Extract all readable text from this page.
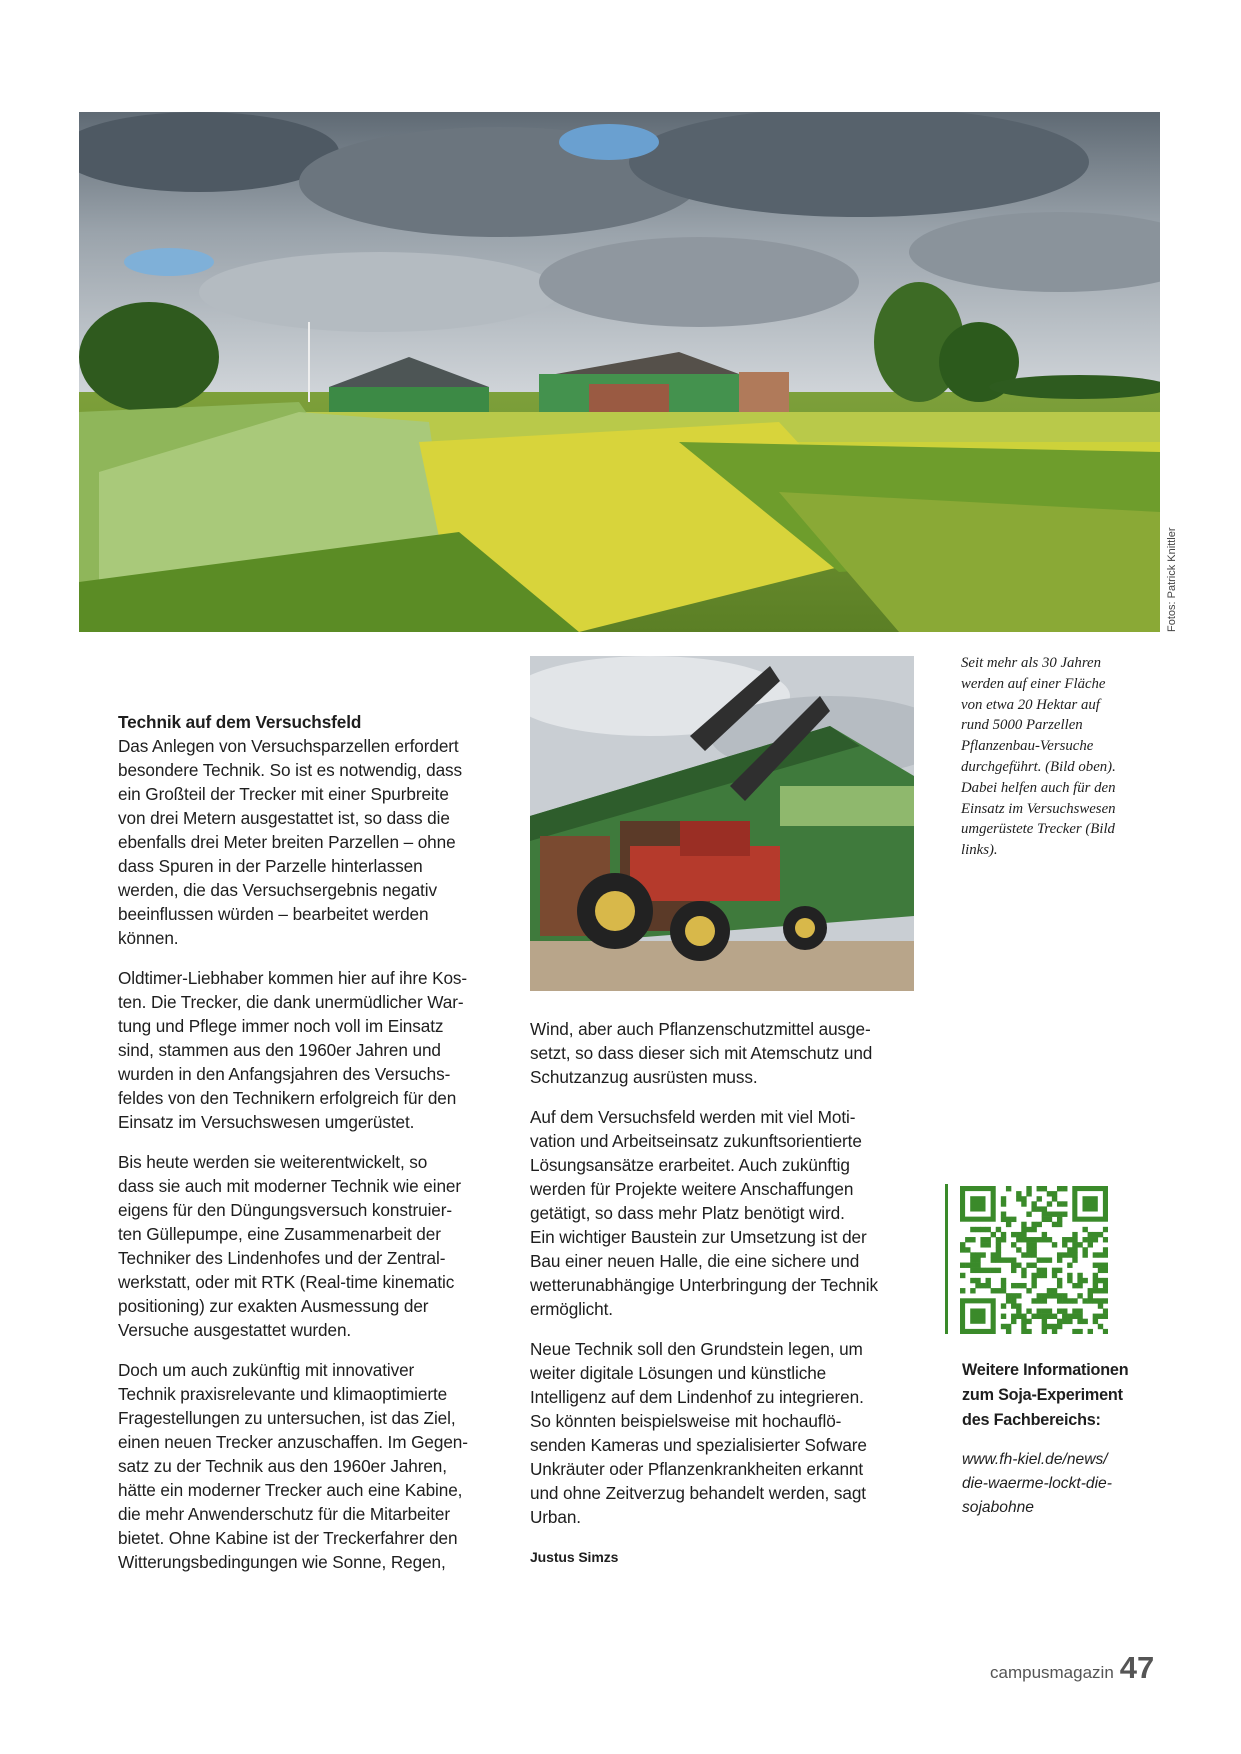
Fotos: Patrick Knittler
Technik auf dem Versuchsfeld

Das Anlegen von Versuchsparzellen erfordert
besondere Technik. So ist es notwendig, dass
ein Großteil der Trecker mit einer Spurbreite
von drei Metern ausgestattet ist, so dass die
ebenfalls drei Meter breiten Parzellen – ohne
dass Spuren in der Parzelle hinterlassen
werden, die das Versuchsergebnis negativ
beeinflussen würden – bearbeitet werden
können.

Oldtimer-Liebhaber kommen hier auf ihre Kos-
ten. Die Trecker, die dank unermüdlicher War-
tung und Pflege immer noch voll im Einsatz
sind, stammen aus den 1960er Jahren und
wurden in den Anfangsjahren des Versuchs-
feldes von den Technikern erfolgreich für den
Einsatz im Versuchswesen umgerüstet.

Bis heute werden sie weiterentwickelt, so
dass sie auch mit moderner Technik wie einer
eigens für den Düngungsversuch konstruier-
ten Güllepumpe, eine Zusammenarbeit der
Techniker des Lindenhofes und der Zentral-
werkstatt, oder mit RTK (Real-time kinematic
positioning) zur exakten Ausmessung der
Versuche ausgestattet wurden.

Doch um auch zukünftig mit innovativer
Technik praxisrelevante und klimaoptimierte
Fragestellungen zu untersuchen, ist das Ziel,
einen neuen Trecker anzuschaffen. Im Gegen-
satz zu der Technik aus den 1960er Jahren,
hätte ein moderner Trecker auch eine Kabine,
die mehr Anwenderschutz für die Mitarbeiter
bietet. Ohne Kabine ist der Treckerfahrer den
Witterungsbedingungen wie Sonne, Regen,

Wind, aber auch Pflanzenschutzmittel ausge-
setzt, so dass dieser sich mit Atemschutz und
Schutzanzug ausrüsten muss.

Auf dem Versuchsfeld werden mit viel Moti-
vation und Arbeitseinsatz zukunftsorientierte
Lösungsansätze erarbeitet. Auch zukünftig
werden für Projekte weitere Anschaffungen
getätigt, so dass mehr Platz benötigt wird.
Ein wichtiger Baustein zur Umsetzung ist der
Bau einer neuen Halle, die eine sichere und
wetterunabhängige Unterbringung der Technik
ermöglicht.

Neue Technik soll den Grundstein legen, um
weiter digitale Lösungen und künstliche
Intelligenz auf dem Lindenhof zu integrieren.
So könnten beispielsweise mit hochauflö-
senden Kameras und spezialisierter Sofware
Unkräuter oder Pflanzenkrankheiten erkannt
und ohne Zeitverzug behandelt werden, sagt
Urban.

Justus Simzs
Seit mehr als 30 Jahren
werden auf einer Fläche
von etwa 20 Hektar auf
rund 5000 Parzellen
Pflanzenbau-Versuche
durchgeführt. (Bild oben).
Dabei helfen auch für den
Einsatz im Versuchswesen
umgerüstete Trecker (Bild
links).
Weitere Informationen
zum Soja-Experiment
des Fachbereichs:
www.fh-kiel.de/news/
die-waerme-lockt-die-
sojabohne
campusmagazin 47
